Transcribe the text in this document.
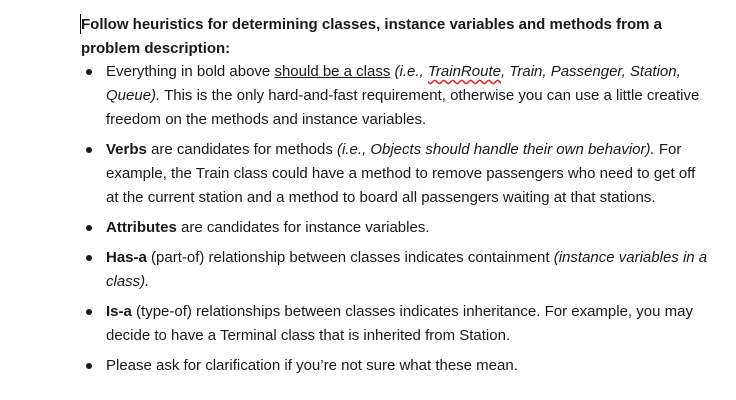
Follow heuristics for determining classes, instance variables and methods from a problem description:

Everything in bold above should be a class (i.e., TrainRoute, Train, Passenger, Station, Queue). This is the only hard-and-fast requirement, otherwise you can use a little creative freedom on the methods and instance variables.
Verbs are candidates for methods (i.e., Objects should handle their own behavior). For example, the Train class could have a method to remove passengers who need to get off at the current station and a method to board all passengers waiting at that stations.
Attributes are candidates for instance variables.
Has-a (part-of) relationship between classes indicates containment (instance variables in a class).
Is-a (type-of) relationships between classes indicates inheritance. For example, you may decide to have a Terminal class that is inherited from Station.
Please ask for clarification if you’re not sure what these mean.
